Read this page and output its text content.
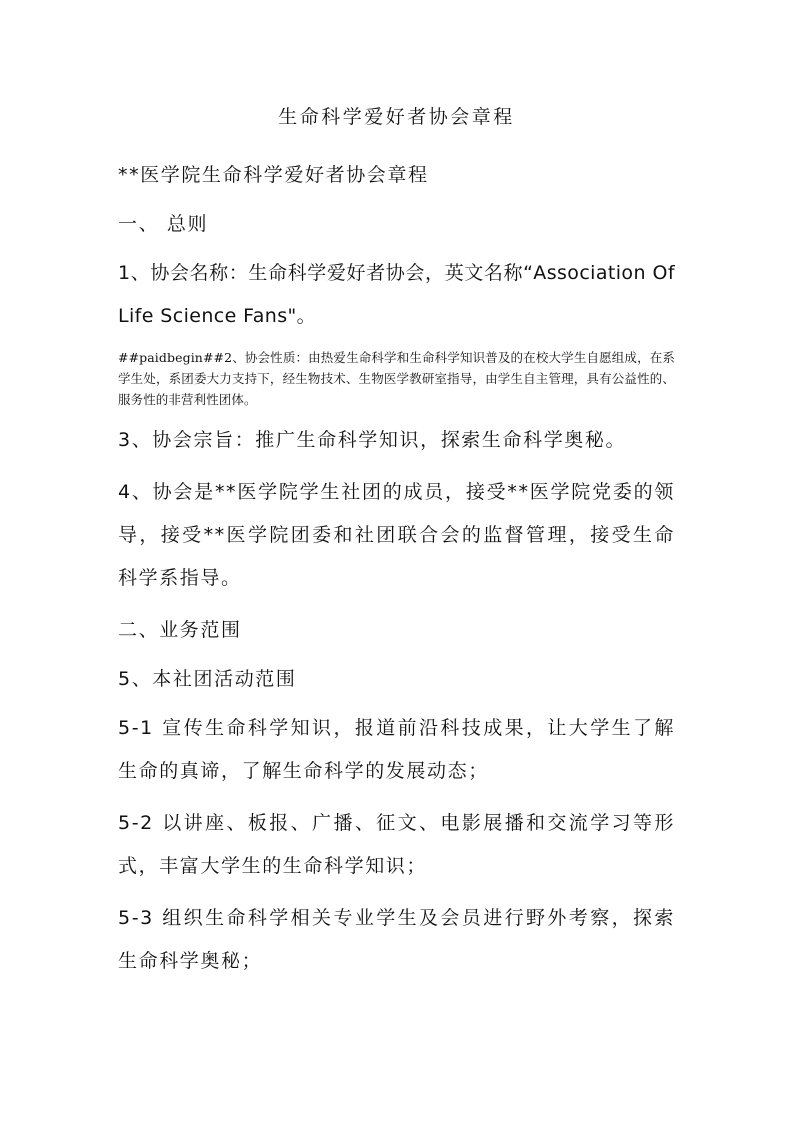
生命科学爱好者协会章程

**医学院生命科学爱好者协会章程

一、 总则

1、协会名称：生命科学爱好者协会，英文名称“Association Of Life Science Fans"。

##paidbegin##2、协会性质：由热爱生命科学和生命科学知识普及的在校大学生自愿组成，在系学生处，系团委大力支持下，经生物技术、生物医学教研室指导，由学生自主管理，具有公益性的、服务性的非营利性团体。

3、协会宗旨：推广生命科学知识，探索生命科学奥秘。

4、协会是**医学院学生社团的成员，接受**医学院党委的领导，接受**医学院团委和社团联合会的监督管理，接受生命科学系指导。

二、业务范围

5、本社团活动范围

5-1 宣传生命科学知识，报道前沿科技成果，让大学生了解生命的真谛，了解生命科学的发展动态；

5-2 以讲座、板报、广播、征文、电影展播和交流学习等形式，丰富大学生的生命科学知识；

5-3 组织生命科学相关专业学生及会员进行野外考察，探索生命科学奥秘；
